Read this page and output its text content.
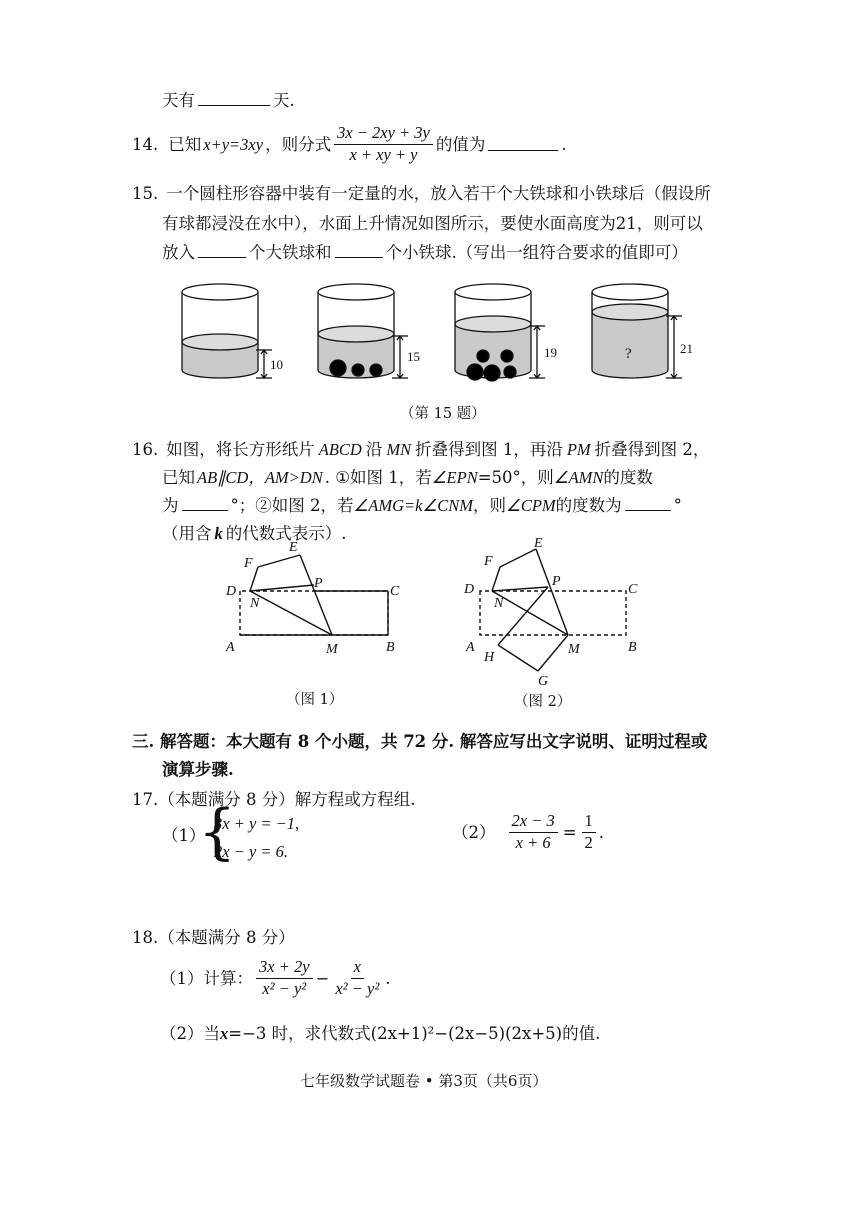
天有	天.
14. 已知 x+y=3xy ，则分式 $\frac{3x - 2xy + 3y}{x + xy + y}$ 的值为	.
15. 一个圆柱形容器中装有一定量的水，放入若干个大铁球和小铁球后（假设所
有球都浸没在水中），水面上升情况如图所示，要使水面高度为21，则可以
放入	个大铁球和	个小铁球.（写出一组符合要求的值即可）
10
15	19	?	21
（第 15 题）
16. 如图，将长方形纸片 ABCD 沿 MN 折叠得到图 1，再沿 PM 折叠得到图 2，
已知 AB∥CD，AM>DN . ①如图 1，若∠EPN=50°，则∠AMN的度数
为	°；②如图 2，若∠AMG=k∠CNM，则∠CPM的度数为	°
（用含 k 的代数式表示）.
E
F
P
D
N
C
A	M	B
（图 1）
E
F
P
D
N
C
A
H
M	B
G
（图 2）
三. 解答题：本大题有 8 个小题，共 72 分. 解答应写出文字说明、证明过程或
演算步骤.
17.（本题满分 8 分）解方程或方程组.
（1）
{
3x + y = −1,
2x − y = 6.
$(2) \frac{2x - 3}{x + 6} = \frac{1}{2}$ .
18.（本题满分 8 分）
（1）计算： $\frac{3x + 2y}{\text{x² − y²}} - \frac{x}{\text{x² − y²}}$ .
（2）当x=−3 时，求代数式(2x+1)²−(2x−5)(2x+5)的值.
七年级数学试题卷 • 第3页（共6页）
